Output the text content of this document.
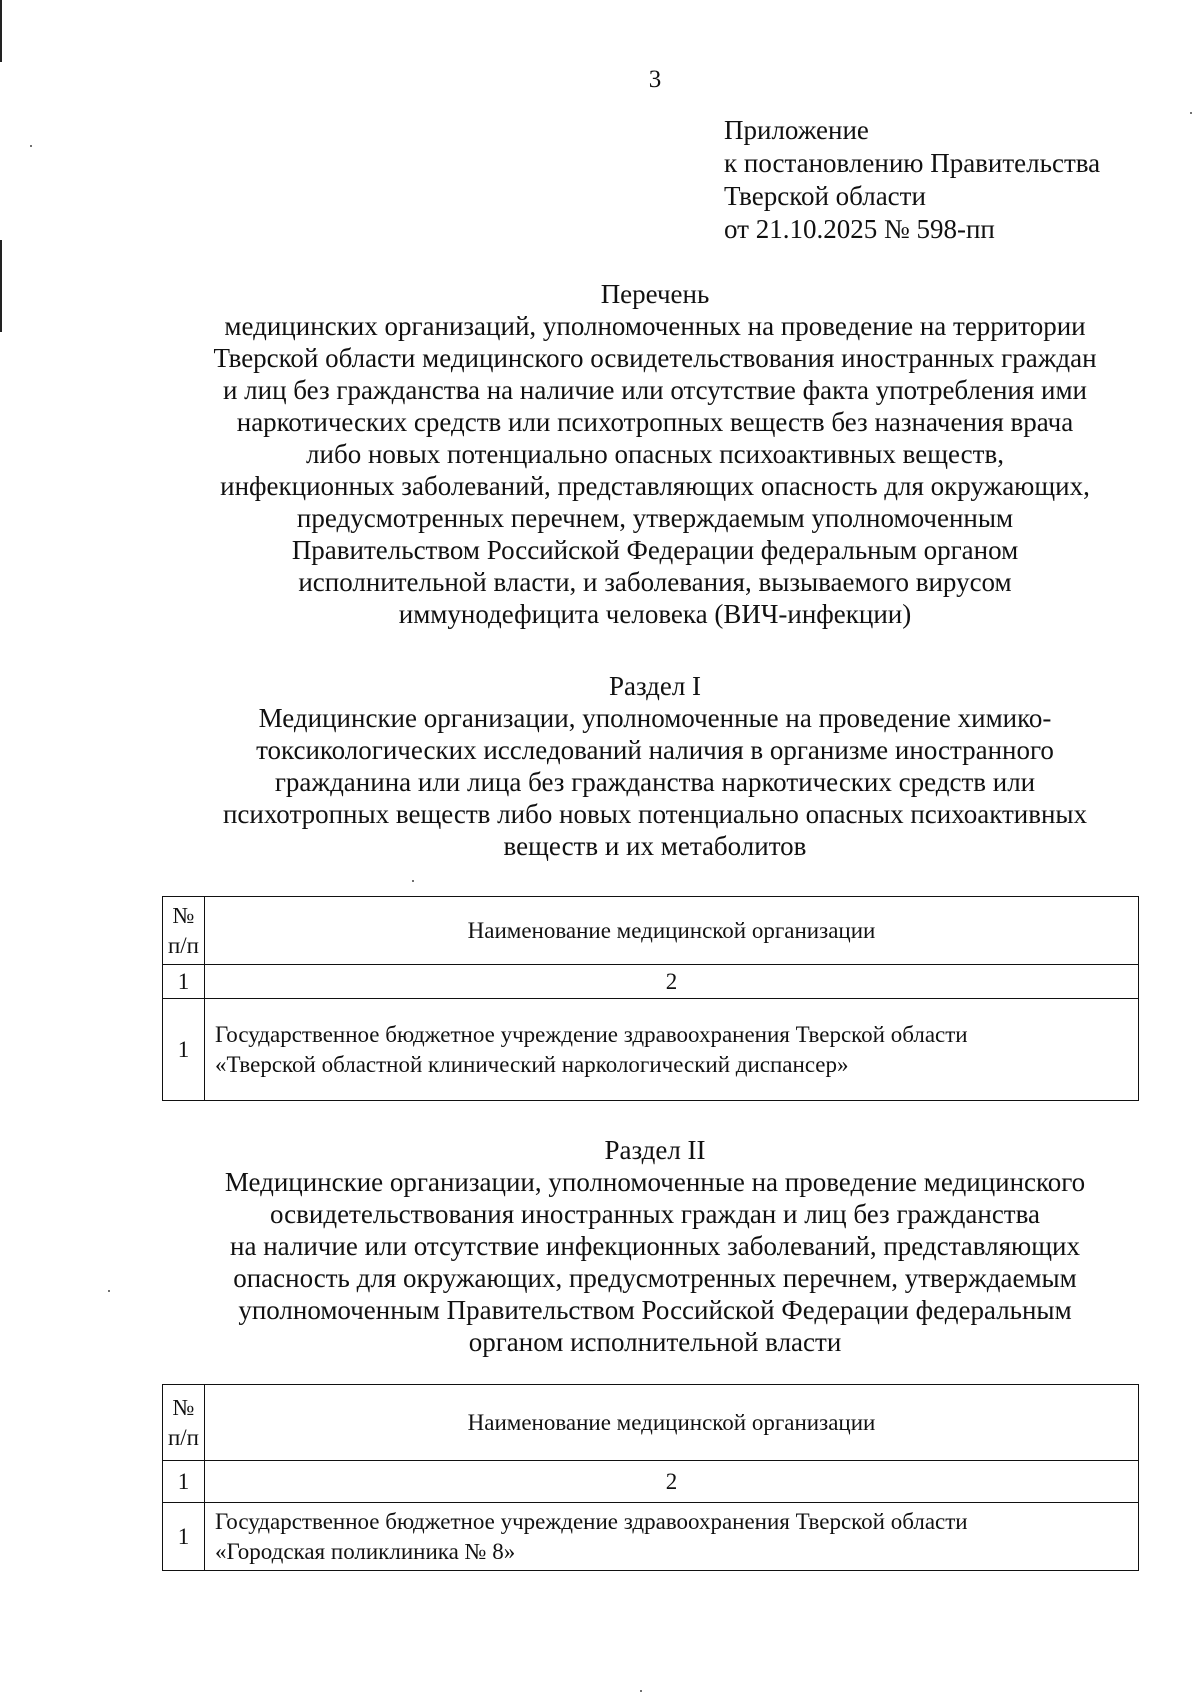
3
Приложение
к постановлению Правительства
Тверской области
от 21.10.2025 № 598-пп
Перечень
медицинских организаций, уполномоченных на проведение на территории
Тверской области медицинского освидетельствования иностранных граждан
и лиц без гражданства на наличие или отсутствие факта употребления ими
наркотических средств или психотропных веществ без назначения врача
либо новых потенциально опасных психоактивных веществ,
инфекционных заболеваний, представляющих опасность для окружающих,
предусмотренных перечнем, утверждаемым уполномоченным
Правительством Российской Федерации федеральным органом
исполнительной власти, и заболевания, вызываемого вирусом
иммунодефицита человека (ВИЧ-инфекции)
Раздел I
Медицинские организации, уполномоченные на проведение химико-
токсикологических исследований наличия в организме иностранного
гражданина или лица без гражданства наркотических средств или
психотропных веществ либо новых потенциально опасных психоактивных
веществ и их метаболитов
№
п/п	Наименование медицинской организации
1	2
1	Государственное бюджетное учреждение здравоохранения Тверской области
«Тверской областной клинический наркологический диспансер»
Раздел II
Медицинские организации, уполномоченные на проведение медицинского
освидетельствования иностранных граждан и лиц без гражданства
на наличие или отсутствие инфекционных заболеваний, представляющих
опасность для окружающих, предусмотренных перечнем, утверждаемым
уполномоченным Правительством Российской Федерации федеральным
органом исполнительной власти
№
п/п	Наименование медицинской организации
1	2
1	Государственное бюджетное учреждение здравоохранения Тверской области
«Городская поликлиника № 8»
